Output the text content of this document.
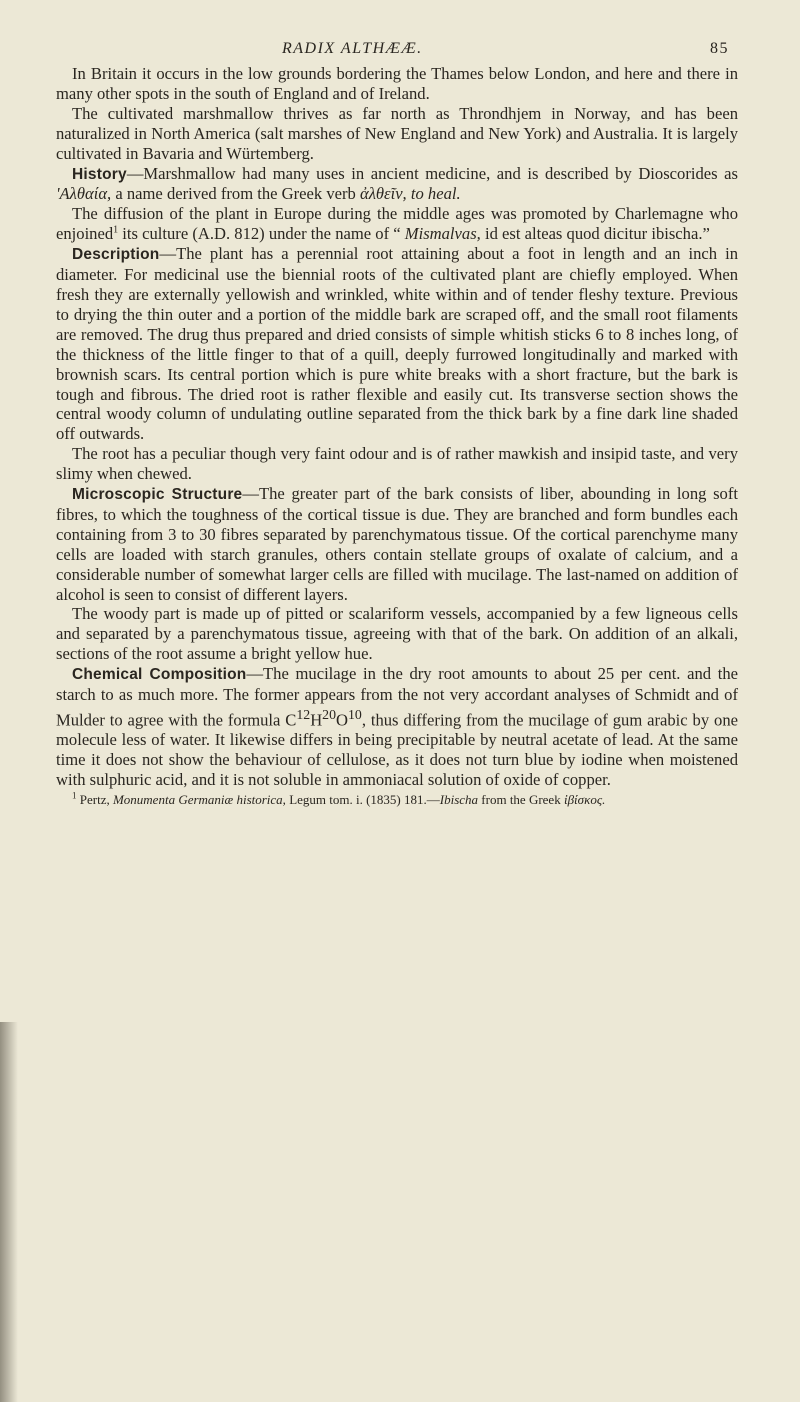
RADIX ALTHÆÆ.	85

In Britain it occurs in the low grounds bordering the Thames below London, and here and there in many other spots in the south of England and of Ireland.

The cultivated marshmallow thrives as far north as Throndhjem in Norway, and has been naturalized in North America (salt marshes of New England and New York) and Australia. It is largely cultivated in Bavaria and Würtemberg.

History—Marshmallow had many uses in ancient medicine, and is described by Dioscorides as 'Αλθαία, a name derived from the Greek verb ἀλθεῖν, to heal.

The diffusion of the plant in Europe during the middle ages was promoted by Charlemagne who enjoined$^1$ its culture (A.D. 812) under the name of “ Mismalvas, id est alteas quod dicitur ibischa.”

Description—The plant has a perennial root attaining about a foot in length and an inch in diameter. For medicinal use the biennial roots of the cultivated plant are chiefly employed. When fresh they are externally yellowish and wrinkled, white within and of tender fleshy texture. Previous to drying the thin outer and a portion of the middle bark are scraped off, and the small root filaments are removed. The drug thus prepared and dried consists of simple whitish sticks 6 to 8 inches long, of the thickness of the little finger to that of a quill, deeply furrowed longitudinally and marked with brownish scars. Its central portion which is pure white breaks with a short fracture, but the bark is tough and fibrous. The dried root is rather flexible and easily cut. Its transverse section shows the central woody column of undulating outline separated from the thick bark by a fine dark line shaded off outwards.

The root has a peculiar though very faint odour and is of rather mawkish and insipid taste, and very slimy when chewed.

Microscopic Structure—The greater part of the bark consists of liber, abounding in long soft fibres, to which the toughness of the cortical tissue is due. They are branched and form bundles each containing from 3 to 30 fibres separated by parenchymatous tissue. Of the cortical parenchyme many cells are loaded with starch granules, others contain stellate groups of oxalate of calcium, and a considerable number of somewhat larger cells are filled with mucilage. The last-named on addition of alcohol is seen to consist of different layers.

The woody part is made up of pitted or scalariform vessels, accompanied by a few ligneous cells and separated by a parenchymatous tissue, agreeing with that of the bark. On addition of an alkali, sections of the root assume a bright yellow hue.

Chemical Composition—The mucilage in the dry root amounts to about 25 per cent. and the starch to as much more. The former appears from the not very accordant analyses of Schmidt and of Mulder to agree with the formula $C^{12}H^{20}O^{10}$, thus differing from the mucilage of gum arabic by one molecule less of water. It likewise differs in being precipitable by neutral acetate of lead. At the same time it does not show the behaviour of cellulose, as it does not turn blue by iodine when moistened with sulphuric acid, and it is not soluble in ammoniacal solution of oxide of copper.

$^1$ Pertz, Monumenta Germaniæ historica, Legum tom. i. (1835) 181.—Ibischa from the Greek ἰβίσκος.
